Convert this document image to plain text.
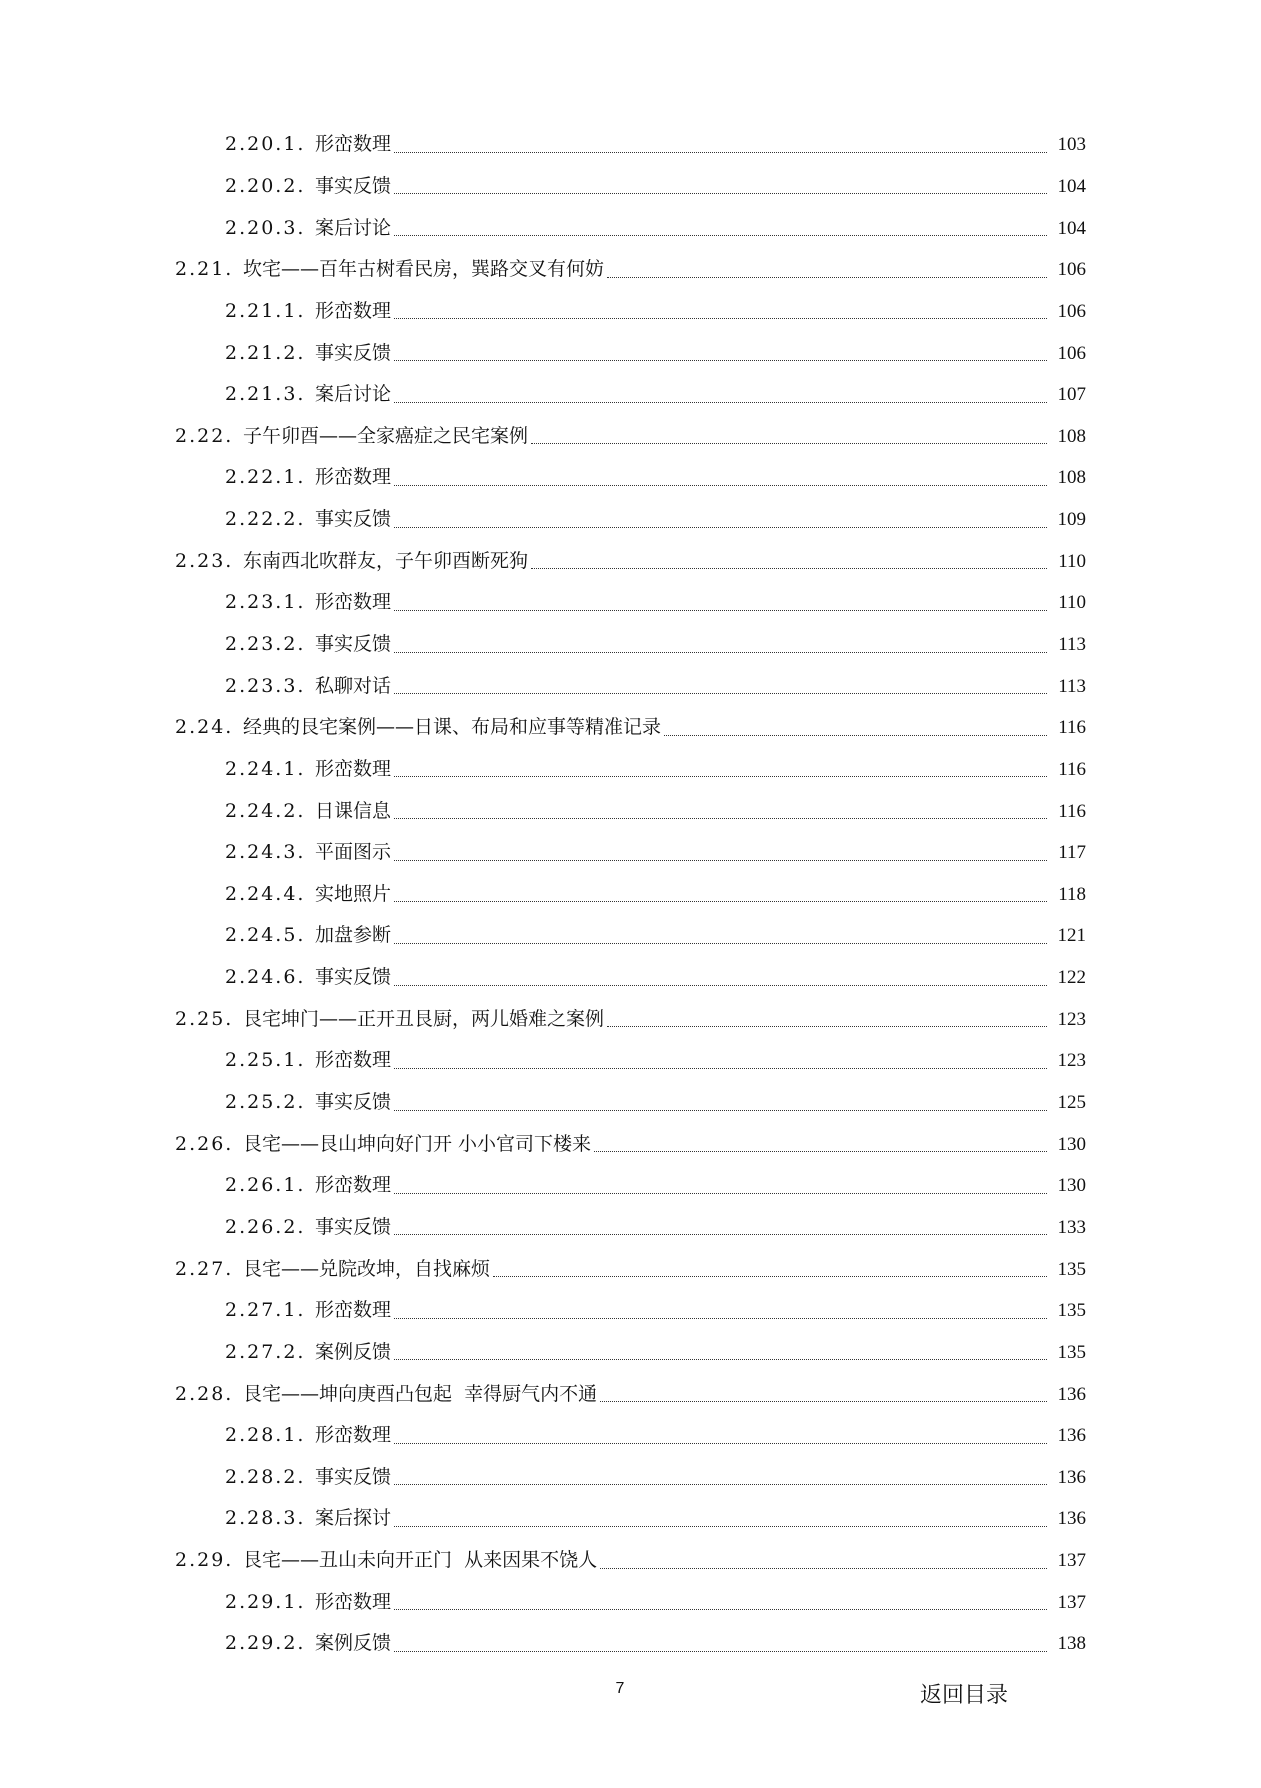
2.20.1. 形峦数理	103
2.20.2. 事实反馈	104
2.20.3. 案后讨论	104
2.21. 坎宅——百年古树看民房，巽路交叉有何妨	106
2.21.1. 形峦数理	106
2.21.2. 事实反馈	106
2.21.3. 案后讨论	107
2.22. 子午卯酉——全家癌症之民宅案例	108
2.22.1. 形峦数理	108
2.22.2. 事实反馈	109
2.23. 东南西北吹群友，子午卯酉断死狗	110
2.23.1. 形峦数理	110
2.23.2. 事实反馈	113
2.23.3. 私聊对话	113
2.24. 经典的艮宅案例——日课、布局和应事等精准记录	116
2.24.1. 形峦数理	116
2.24.2. 日课信息	116
2.24.3. 平面图示	117
2.24.4. 实地照片	118
2.24.5. 加盘参断	121
2.24.6. 事实反馈	122
2.25. 艮宅坤门——正开丑艮厨，两儿婚难之案例	123
2.25.1. 形峦数理	123
2.25.2. 事实反馈	125
2.26. 艮宅——艮山坤向好门开 小小官司下楼来	130
2.26.1. 形峦数理	130
2.26.2. 事实反馈	133
2.27. 艮宅——兑院改坤，自找麻烦	135
2.27.1. 形峦数理	135
2.27.2. 案例反馈	135
2.28. 艮宅——坤向庚酉凸包起  幸得厨气内不通	136
2.28.1. 形峦数理	136
2.28.2. 事实反馈	136
2.28.3. 案后探讨	136
2.29. 艮宅——丑山未向开正门  从来因果不饶人	137
2.29.1. 形峦数理	137
2.29.2. 案例反馈	138
7	返回目录
